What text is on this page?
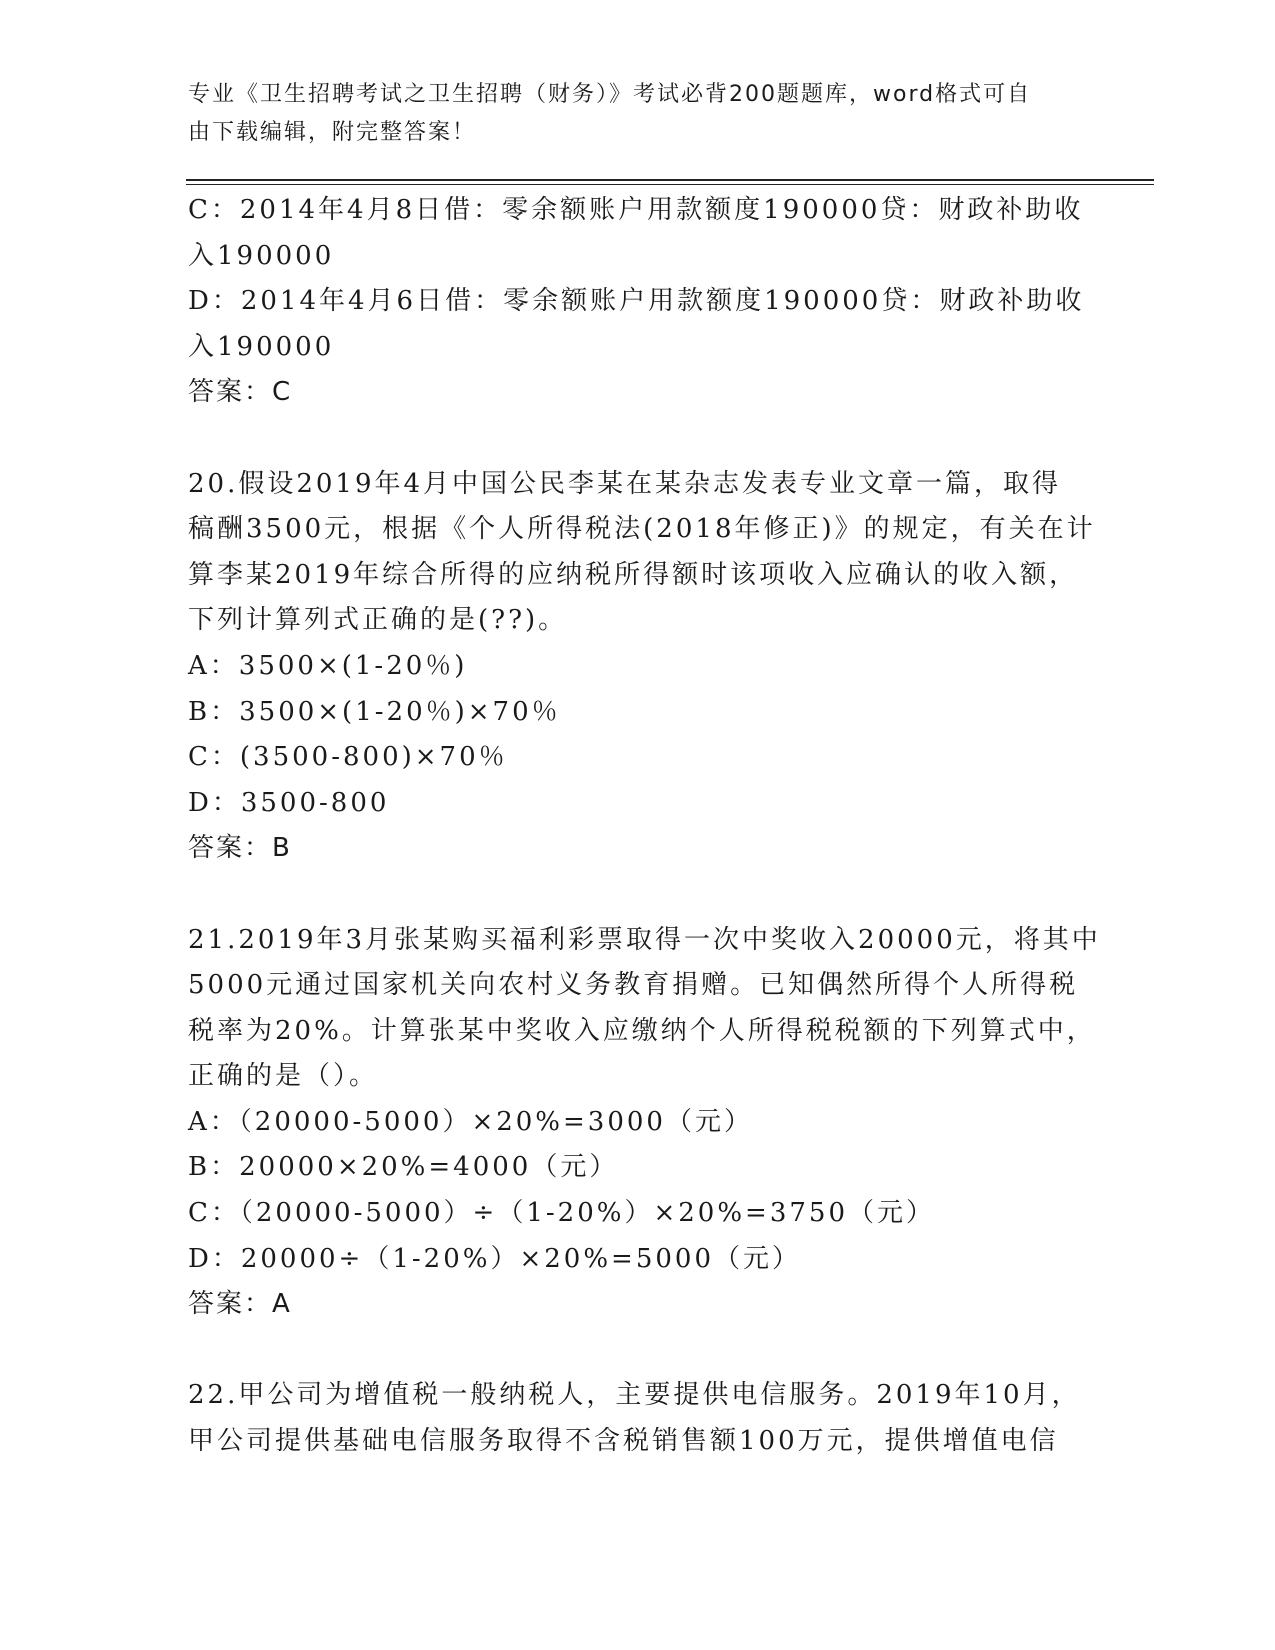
专业《卫生招聘考试之卫生招聘（财务）》考试必背200题题库，word格式可自
由下载编辑，附完整答案！
C：2014年4月8日借：零余额账户用款额度190000贷：财政补助收
入190000
D：2014年4月6日借：零余额账户用款额度190000贷：财政补助收
入190000
答案：C
20.假设2019年4月中国公民李某在某杂志发表专业文章一篇，取得
稿酬3500元，根据《个人所得税法(2018年修正)》的规定，有关在计
算李某2019年综合所得的应纳税所得额时该项收入应确认的收入额，
下列计算列式正确的是(??)。
A：3500×(1-20％)
B：3500×(1-20％)×70％
C：(3500-800)×70％
D：3500-800
答案：B
21.2019年3月张某购买福利彩票取得一次中奖收入20000元，将其中
5000元通过国家机关向农村义务教育捐赠。已知偶然所得个人所得税
税率为20%。计算张某中奖收入应缴纳个人所得税税额的下列算式中，
正确的是（）。
A：（20000-5000）×20%=3000（元）
B：20000×20%=4000（元）
C：（20000-5000）÷（1-20%）×20%=3750（元）
D：20000÷（1-20%）×20%=5000（元）
答案：A
22.甲公司为增值税一般纳税人，主要提供电信服务。2019年10月，
甲公司提供基础电信服务取得不含税销售额100万元，提供增值电信
